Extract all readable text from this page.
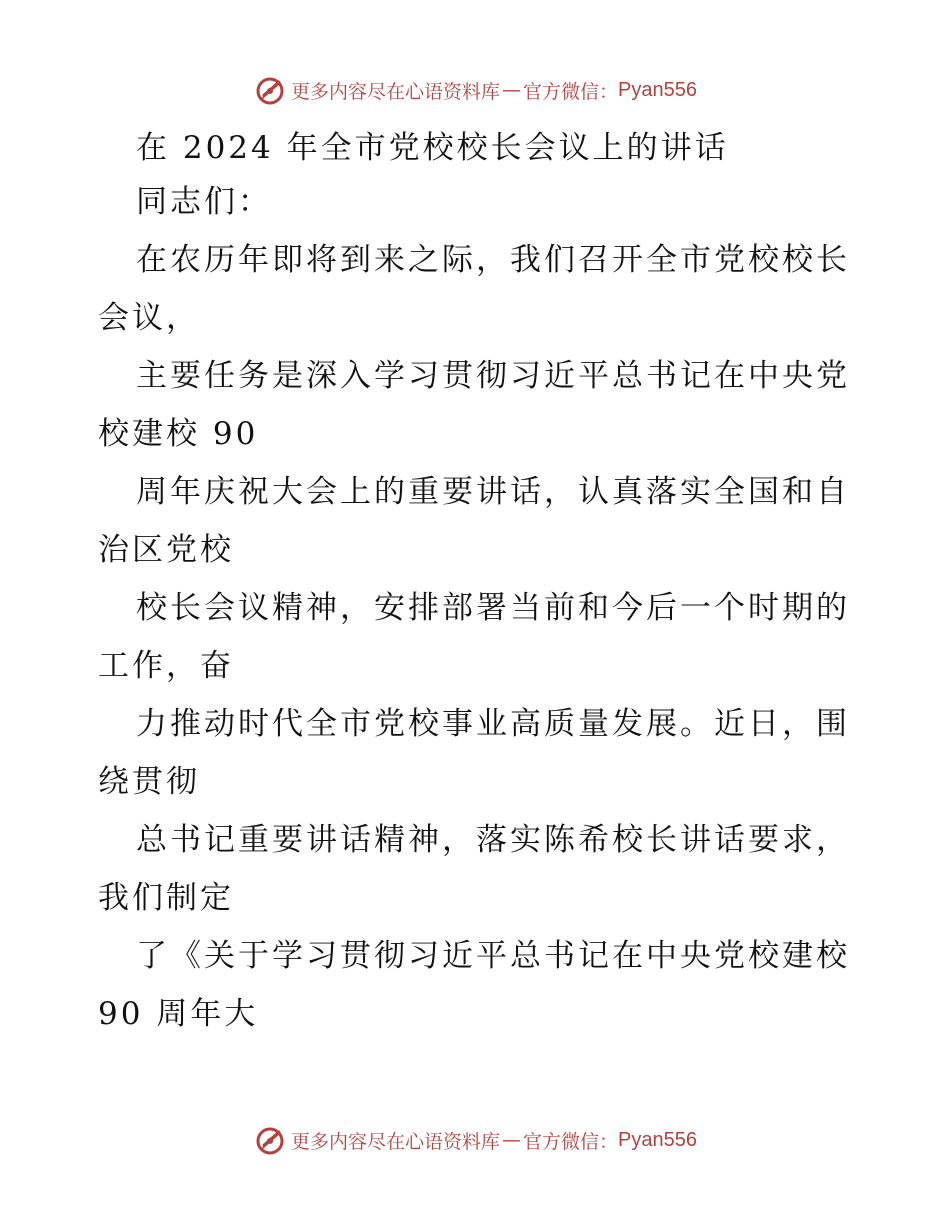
更多内容尽在心语资料库 — 官方微信： Pyan556
在 2024 年全市党校校长会议上的讲话
同志们：
在农历年即将到来之际，我们召开全市党校校长
会议，
主要任务是深入学习贯彻习近平总书记在中央党
校建校 90
周年庆祝大会上的重要讲话，认真落实全国和自
治区党校
校长会议精神，安排部署当前和今后一个时期的
工作，奋
力推动时代全市党校事业高质量发展。近日，围
绕贯彻
总书记重要讲话精神，落实陈希校长讲话要求，
我们制定
了《关于学习贯彻习近平总书记在中央党校建校
90 周年大
更多内容尽在心语资料库 — 官方微信： Pyan556
